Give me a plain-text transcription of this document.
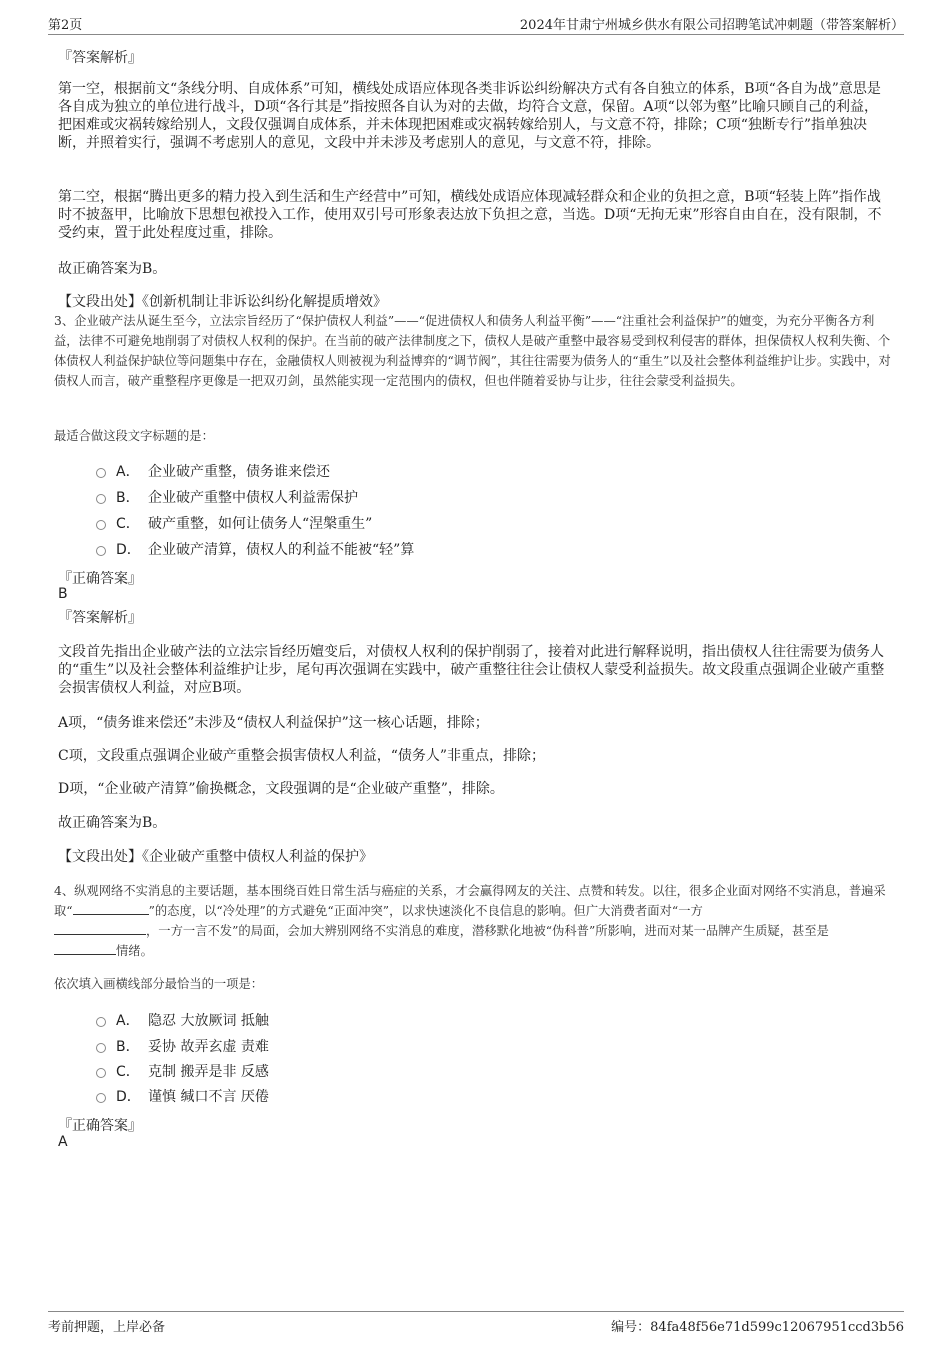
第2页	2024年甘肃宁州城乡供水有限公司招聘笔试冲刺题（带答案解析）
『答案解析』

第一空，根据前文“条线分明、自成体系”可知，横线处成语应体现各类非诉讼纠纷解决方式有各自独立的体系，B项“各自为战”意思是各自成为独立的单位进行战斗，D项“各行其是”指按照各自认为对的去做，均符合文意，保留。A项“以邻为壑”比喻只顾自己的利益，把困难或灾祸转嫁给别人，文段仅强调自成体系，并未体现把困难或灾祸转嫁给别人，与文意不符，排除；C项“独断专行”指单独决断，并照着实行，强调不考虑别人的意见，文段中并未涉及考虑别人的意见，与文意不符，排除。

第二空，根据“腾出更多的精力投入到生活和生产经营中”可知，横线处成语应体现减轻群众和企业的负担之意，B项“轻装上阵”指作战时不披盔甲，比喻放下思想包袱投入工作，使用双引号可形象表达放下负担之意，当选。D项“无拘无束”形容自由自在，没有限制，不受约束，置于此处程度过重，排除。

故正确答案为B。
【文段出处】《创新机制让非诉讼纠纷化解提质增效》

3、企业破产法从诞生至今，立法宗旨经历了“保护债权人利益”——“促进债权人和债务人利益平衡”——“注重社会利益保护”的嬗变，为充分平衡各方利益，法律不可避免地削弱了对债权人权利的保护。在当前的破产法律制度之下，债权人是破产重整中最容易受到权利侵害的群体，担保债权人权利失衡、个体债权人利益保护缺位等问题集中存在，金融债权人则被视为利益博弈的“调节阀”，其往往需要为债务人的“重生”以及社会整体利益维护让步。实践中，对债权人而言，破产重整程序更像是一把双刃剑，虽然能实现一定范围内的债权，但也伴随着妥协与让步，往往会蒙受利益损失。

最适合做这段文字标题的是：
A． 企业破产重整，债务谁来偿还
B． 企业破产重整中债权人利益需保护
C． 破产重整，如何让债务人“涅槃重生”
D． 企业破产清算，债权人的利益不能被“轻”算
『正确答案』
B
『答案解析』

文段首先指出企业破产法的立法宗旨经历嬗变后，对债权人权利的保护削弱了，接着对此进行解释说明，指出债权人往往需要为债务人的“重生”以及社会整体利益维护让步，尾句再次强调在实践中，破产重整往往会让债权人蒙受利益损失。故文段重点强调企业破产重整会损害债权人利益，对应B项。

A项，“债务谁来偿还”未涉及“债权人利益保护”这一核心话题，排除；
C项，文段重点强调企业破产重整会损害债权人利益，“债务人”非重点，排除；
D项，“企业破产清算”偷换概念，文段强调的是“企业破产重整”，排除。
故正确答案为B。
【文段出处】《企业破产重整中债权人利益的保护》

4、纵观网络不实消息的主要话题，基本围绕百姓日常生活与癌症的关系，才会赢得网友的关注、点赞和转发。以往，很多企业面对网络不实消息，普遍采取“	”的态度，以“冷处理”的方式避免“正面冲突”，以求快速淡化不良信息的影响。但广大消费者面对“一方
，一方一言不发”的局面，会加大辨别网络不实消息的难度，潜移默化地被“伪科普”所影响，进而对某一品牌产生质疑，甚至是
情绪。

依次填入画横线部分最恰当的一项是：
A． 隐忍 大放厥词 抵触
B． 妥协 故弄玄虚 责难
C． 克制 搬弄是非 反感
D． 谨慎 缄口不言 厌倦
『正确答案』
A
考前押题，上岸必备	编号：84fa48f56e71d599c12067951ccd3b56
